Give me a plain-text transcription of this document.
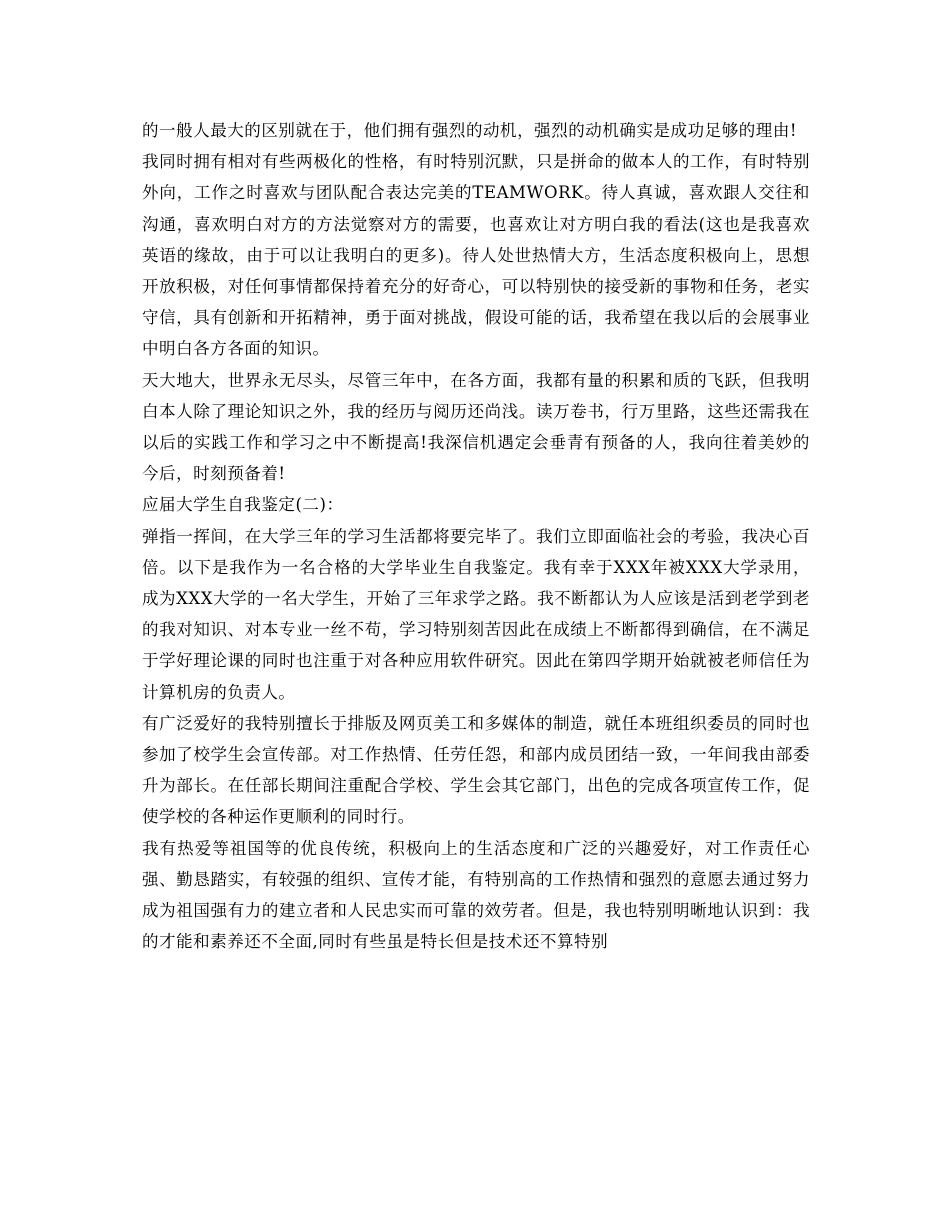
的一般人最大的区别就在于，他们拥有强烈的动机，强烈的动机确实是成功足够的理由!

我同时拥有相对有些两极化的性格，有时特别沉默，只是拼命的做本人的工作，有时特别外向，工作之时喜欢与团队配合表达完美的TEAMWORK。待人真诚，喜欢跟人交往和沟通，喜欢明白对方的方法觉察对方的需要，也喜欢让对方明白我的看法(这也是我喜欢英语的缘故，由于可以让我明白的更多)。待人处世热情大方，生活态度积极向上，思想开放积极，对任何事情都保持着充分的好奇心，可以特别快的接受新的事物和任务，老实守信，具有创新和开拓精神，勇于面对挑战，假设可能的话，我希望在我以后的会展事业中明白各方各面的知识。

天大地大，世界永无尽头，尽管三年中，在各方面，我都有量的积累和质的飞跃，但我明白本人除了理论知识之外，我的经历与阅历还尚浅。读万卷书，行万里路，这些还需我在以后的实践工作和学习之中不断提高!我深信机遇定会垂青有预备的人，我向往着美妙的今后，时刻预备着!

应届大学生自我鉴定(二)：

弹指一挥间，在大学三年的学习生活都将要完毕了。我们立即面临社会的考验，我决心百倍。以下是我作为一名合格的大学毕业生自我鉴定。我有幸于XXX年被XXX大学录用，成为XXX大学的一名大学生，开始了三年求学之路。我不断都认为人应该是活到老学到老的我对知识、对本专业一丝不苟，学习特别刻苦因此在成绩上不断都得到确信，在不满足于学好理论课的同时也注重于对各种应用软件研究。因此在第四学期开始就被老师信任为计算机房的负责人。

有广泛爱好的我特别擅长于排版及网页美工和多媒体的制造，就任本班组织委员的同时也参加了校学生会宣传部。对工作热情、任劳任怨，和部内成员团结一致，一年间我由部委升为部长。在任部长期间注重配合学校、学生会其它部门，出色的完成各项宣传工作，促使学校的各种运作更顺利的同时行。

我有热爱等祖国等的优良传统，积极向上的生活态度和广泛的兴趣爱好，对工作责任心强、勤恳踏实，有较强的组织、宣传才能，有特别高的工作热情和强烈的意愿去通过努力成为祖国强有力的建立者和人民忠实而可靠的效劳者。但是，我也特别明晰地认识到：我的才能和素养还不全面,同时有些虽是特长但是技术还不算特别
